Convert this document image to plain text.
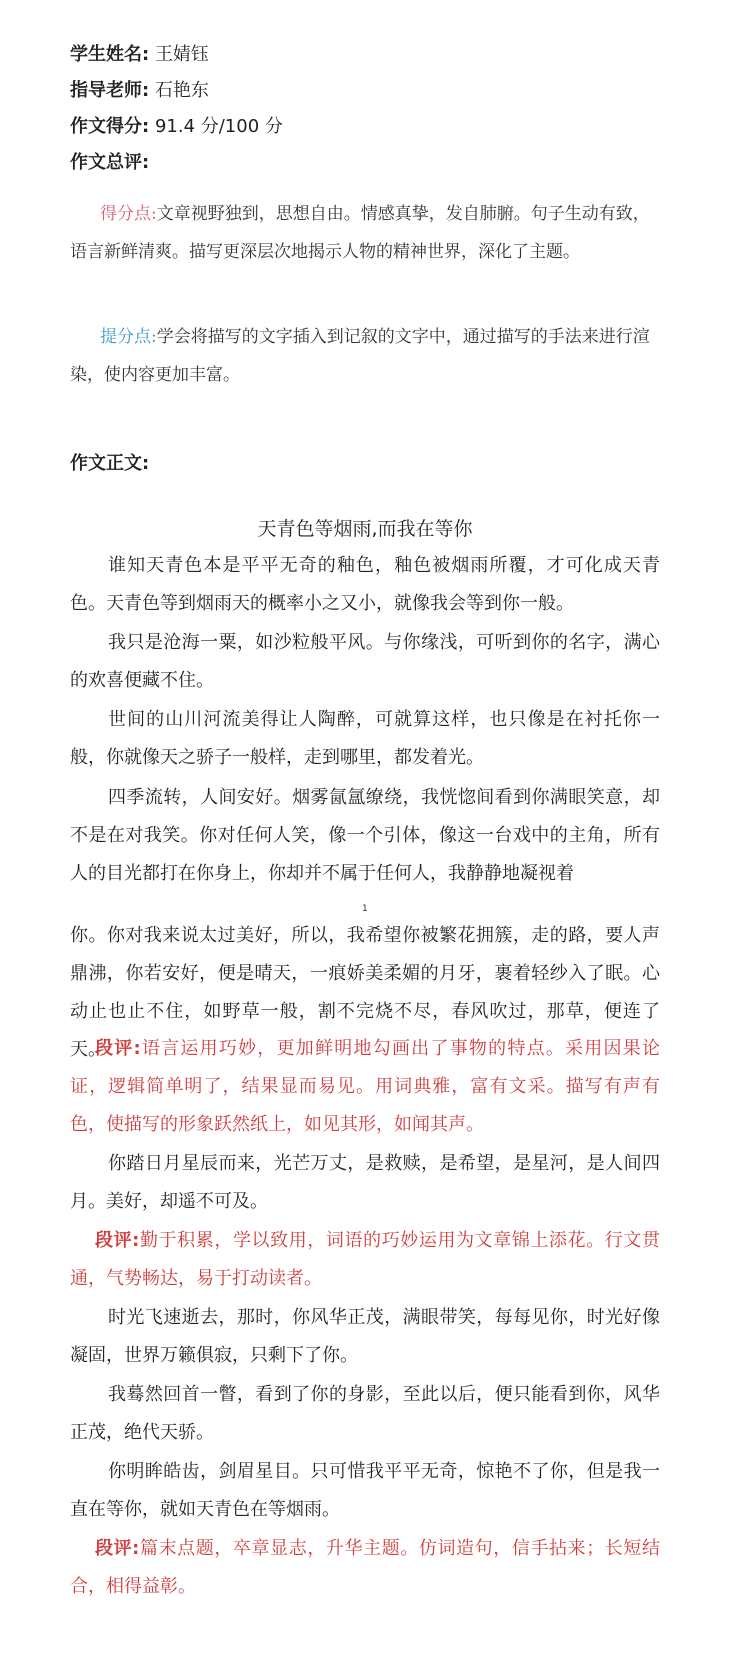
学生姓名: 王婧钰
指导老师: 石艳东
作文得分: 91.4 分/100 分
作文总评:
得分点:文章视野独到，思想自由。情感真挚，发自肺腑。句子生动有致，语言新鲜清爽。描写更深层次地揭示人物的精神世界，深化了主题。
提分点:学会将描写的文字插入到记叙的文字中，通过描写的手法来进行渲染，使内容更加丰富。
作文正文:
天青色等烟雨,而我在等你
谁知天青色本是平平无奇的釉色，釉色被烟雨所覆，才可化成天青色。天青色等到烟雨天的概率小之又小，就像我会等到你一般。
我只是沧海一粟，如沙粒般平风。与你缘浅，可听到你的名字，满心的欢喜便藏不住。
世间的山川河流美得让人陶醉，可就算这样，也只像是在衬托你一般，你就像天之骄子一般样，走到哪里，都发着光。
四季流转，人间安好。烟雾氤氲缭绕，我恍惚间看到你满眼笑意，却不是在对我笑。你对任何人笑，像一个引体，像这一台戏中的主角，所有人的目光都打在你身上，你却并不属于任何人，我静静地凝视着
1
你。你对我来说太过美好，所以，我希望你被繁花拥簇，走的路，要人声鼎沸，你若安好，便是晴天，一痕娇美柔媚的月牙，裹着轻纱入了眠。心动止也止不住，如野草一般，割不完烧不尽，春风吹过，那草，便连了天。
段评:语言运用巧妙，更加鲜明地勾画出了事物的特点。采用因果论证，逻辑简单明了，结果显而易见。用词典雅，富有文采。描写有声有色，使描写的形象跃然纸上，如见其形，如闻其声。
你踏日月星辰而来，光芒万丈，是救赎，是希望，是星河，是人间四月。美好，却遥不可及。
段评:勤于积累，学以致用，词语的巧妙运用为文章锦上添花。行文贯通，气势畅达，易于打动读者。
时光飞速逝去，那时，你风华正茂，满眼带笑，每每见你，时光好像凝固，世界万籁俱寂，只剩下了你。
我蓦然回首一瞥，看到了你的身影，至此以后，便只能看到你，风华正茂，绝代天骄。
你明眸皓齿，剑眉星目。只可惜我平平无奇，惊艳不了你，但是我一直在等你，就如天青色在等烟雨。
段评:篇末点题，卒章显志，升华主题。仿词造句，信手拈来；长短结合，相得益彰。
